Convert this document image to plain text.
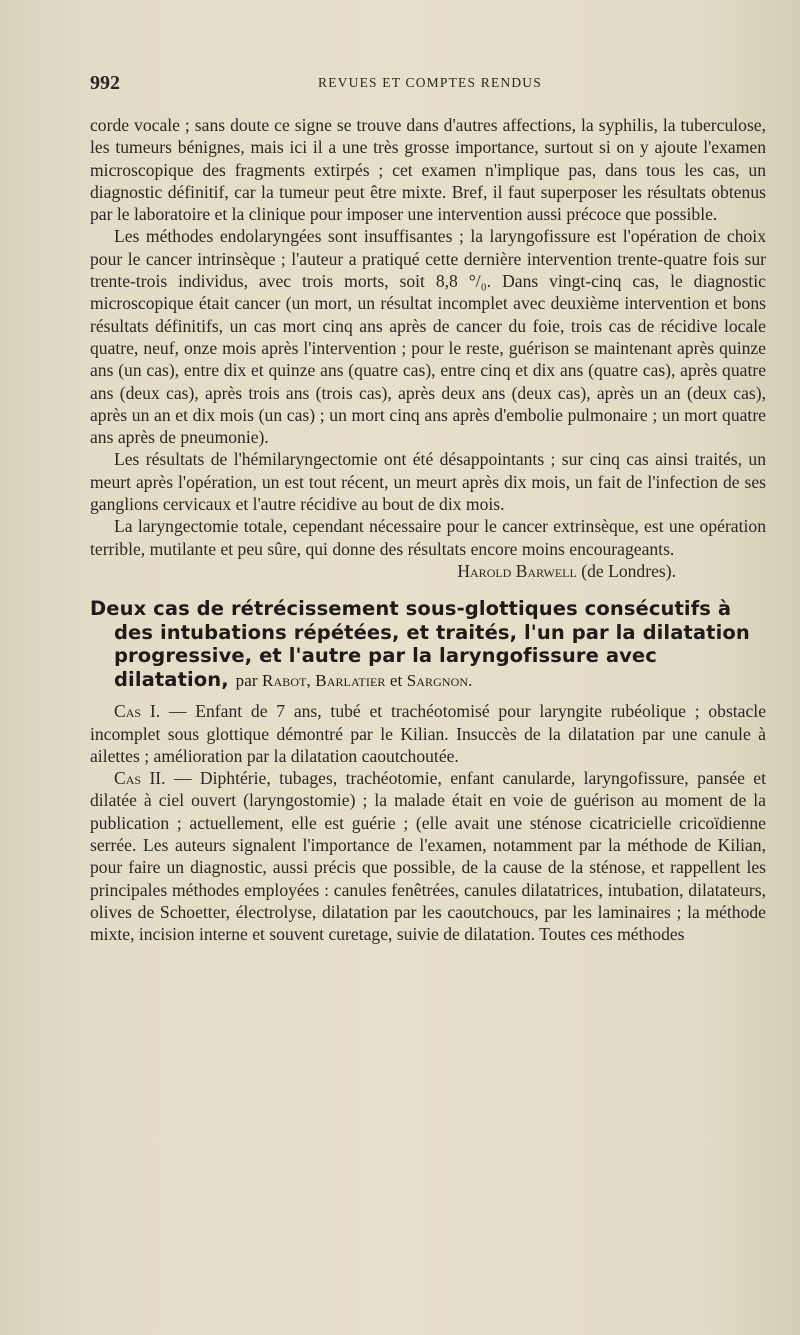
992	REVUES ET COMPTES RENDUS

corde vocale ; sans doute ce signe se trouve dans d'autres affections, la syphilis, la tuberculose, les tumeurs bénignes, mais ici il a une très grosse importance, surtout si on y ajoute l'examen microscopique des fragments extirpés ; cet examen n'implique pas, dans tous les cas, un diagnostic définitif, car la tumeur peut être mixte. Bref, il faut superposer les résultats obtenus par le laboratoire et la clinique pour imposer une intervention aussi précoce que possible.

Les méthodes endolaryngées sont insuffisantes ; la laryngofissure est l'opération de choix pour le cancer intrinsèque ; l'auteur a pratiqué cette dernière intervention trente-quatre fois sur trente-trois individus, avec trois morts, soit 8,8 °/₀. Dans vingt-cinq cas, le diagnostic microscopique était cancer (un mort, un résultat incomplet avec deuxième intervention et bons résultats définitifs, un cas mort cinq ans après de cancer du foie, trois cas de récidive locale quatre, neuf, onze mois après l'intervention ; pour le reste, guérison se maintenant après quinze ans (un cas), entre dix et quinze ans (quatre cas), entre cinq et dix ans (quatre cas), après quatre ans (deux cas), après trois ans (trois cas), après deux ans (deux cas), après un an (deux cas), après un an et dix mois (un cas) ; un mort cinq ans après d'embolie pulmonaire ; un mort quatre ans après de pneumonie).

Les résultats de l'hémilaryngectomie ont été désappointants ; sur cinq cas ainsi traités, un meurt après l'opération, un est tout récent, un meurt après dix mois, un fait de l'infection de ses ganglions cervicaux et l'autre récidive au bout de dix mois.

La laryngectomie totale, cependant nécessaire pour le cancer extrinsèque, est une opération terrible, mutilante et peu sûre, qui donne des résultats encore moins encourageants.

Harold Barwell (de Londres).

Deux cas de rétrécissement sous-glottiques consécutifs à des intubations répétées, et traités, l'un par la dilatation progressive, et l'autre par la laryngofissure avec dilatation, par Rabot, Barlatier et Sargnon.

Cas I. — Enfant de 7 ans, tubé et trachéotomisé pour laryngite rubéolique ; obstacle incomplet sous glottique démontré par le Kilian. Insuccès de la dilatation par une canule à ailettes ; amélioration par la dilatation caoutchoutée.

Cas II. — Diphtérie, tubages, trachéotomie, enfant canularde, laryngofissure, pansée et dilatée à ciel ouvert (laryngostomie) ; la malade était en voie de guérison au moment de la publication ; actuellement, elle est guérie ; (elle avait une sténose cicatricielle cricoïdienne serrée. Les auteurs signalent l'importance de l'examen, notamment par la méthode de Kilian, pour faire un diagnostic, aussi précis que possible, de la cause de la sténose, et rappellent les principales méthodes employées : canules fenêtrées, canules dilatatrices, intubation, dilatateurs, olives de Schoetter, électrolyse, dilatation par les caoutchoucs, par les laminaires ; la méthode mixte, incision interne et souvent curetage, suivie de dilatation. Toutes ces méthodes
